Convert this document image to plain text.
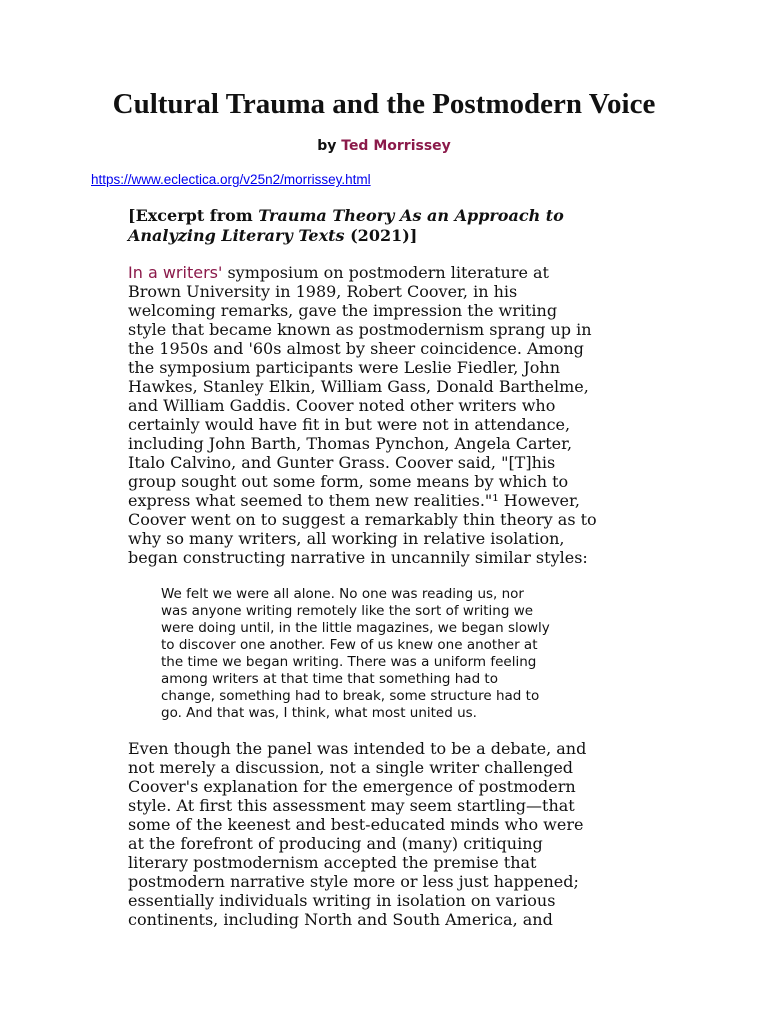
Cultural Trauma and the Postmodern Voice
by Ted Morrissey
https://www.eclectica.org/v25n2/morrissey.html

[Excerpt from Trauma Theory As an Approach to
Analyzing Literary Texts (2021)]

In a writers' symposium on postmodern literature at
Brown University in 1989, Robert Coover, in his
welcoming remarks, gave the impression the writing
style that became known as postmodernism sprang up in
the 1950s and '60s almost by sheer coincidence. Among
the symposium participants were Leslie Fiedler, John
Hawkes, Stanley Elkin, William Gass, Donald Barthelme,
and William Gaddis. Coover noted other writers who
certainly would have fit in but were not in attendance,
including John Barth, Thomas Pynchon, Angela Carter,
Italo Calvino, and Gunter Grass. Coover said, "[T]his
group sought out some form, some means by which to
express what seemed to them new realities."¹ However,
Coover went on to suggest a remarkably thin theory as to
why so many writers, all working in relative isolation,
began constructing narrative in uncannily similar styles:

We felt we were all alone. No one was reading us, nor
was anyone writing remotely like the sort of writing we
were doing until, in the little magazines, we began slowly
to discover one another. Few of us knew one another at
the time we began writing. There was a uniform feeling
among writers at that time that something had to
change, something had to break, some structure had to
go. And that was, I think, what most united us.

Even though the panel was intended to be a debate, and
not merely a discussion, not a single writer challenged
Coover's explanation for the emergence of postmodern
style. At first this assessment may seem startling—that
some of the keenest and best-educated minds who were
at the forefront of producing and (many) critiquing
literary postmodernism accepted the premise that
postmodern narrative style more or less just happened;
essentially individuals writing in isolation on various
continents, including North and South America, and
